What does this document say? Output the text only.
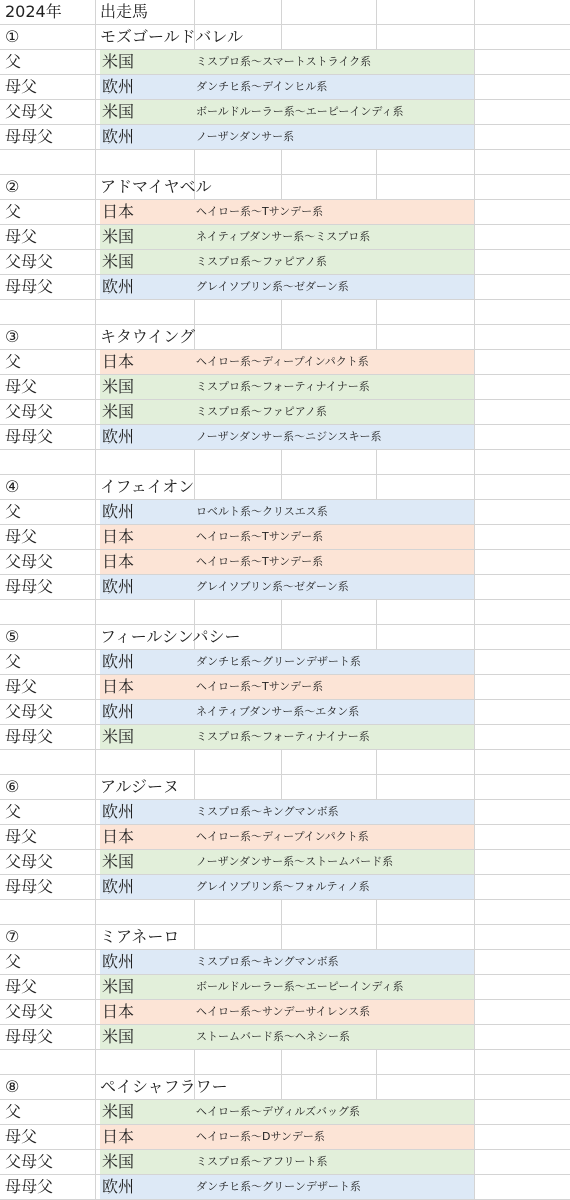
2024年 出走馬
①	モズゴールドバレル
父	米国	ミスプロ系～スマートストライク系
母父	欧州	ダンチヒ系～デインヒル系
父母父	米国	ボールドルーラー系～エーピーインディ系
母母父	欧州	ノーザンダンサー系
②	アドマイヤベル
父	日本	ヘイロー系～Tサンデー系
母父	米国	ネイティブダンサー系～ミスプロ系
父母父	米国	ミスプロ系～ファピアノ系
母母父	欧州	グレイソブリン系～ゼダーン系
③	キタウイング
父	日本	ヘイロー系～ディープインパクト系
母父	米国	ミスプロ系～フォーティナイナー系
父母父	米国	ミスプロ系～ファピアノ系
母母父	欧州	ノーザンダンサー系～ニジンスキー系
④	イフェイオン
父	欧州	ロベルト系～クリスエス系
母父	日本	ヘイロー系～Tサンデー系
父母父	日本	ヘイロー系～Tサンデー系
母母父	欧州	グレイソブリン系～ゼダーン系
⑤	フィールシンパシー
父	欧州	ダンチヒ系～グリーンデザート系
母父	日本	ヘイロー系～Tサンデー系
父母父	欧州	ネイティブダンサー系～エタン系
母母父	米国	ミスプロ系～フォーティナイナー系
⑥	アルジーヌ
父	欧州	ミスプロ系～キングマンボ系
母父	日本	ヘイロー系～ディープインパクト系
父母父	米国	ノーザンダンサー系～ストームバード系
母母父	欧州	グレイソブリン系～フォルティノ系
⑦	ミアネーロ
父	欧州	ミスプロ系～キングマンボ系
母父	米国	ボールドルーラー系～エーピーインディ系
父母父	日本	ヘイロー系～サンデーサイレンス系
母母父	米国	ストームバード系～ヘネシー系
⑧	ペイシャフラワー
父	米国	ヘイロー系～デヴィルズバッグ系
母父	日本	ヘイロー系～Dサンデー系
父母父	米国	ミスプロ系～アフリート系
母母父	欧州	ダンチヒ系～グリーンデザート系
